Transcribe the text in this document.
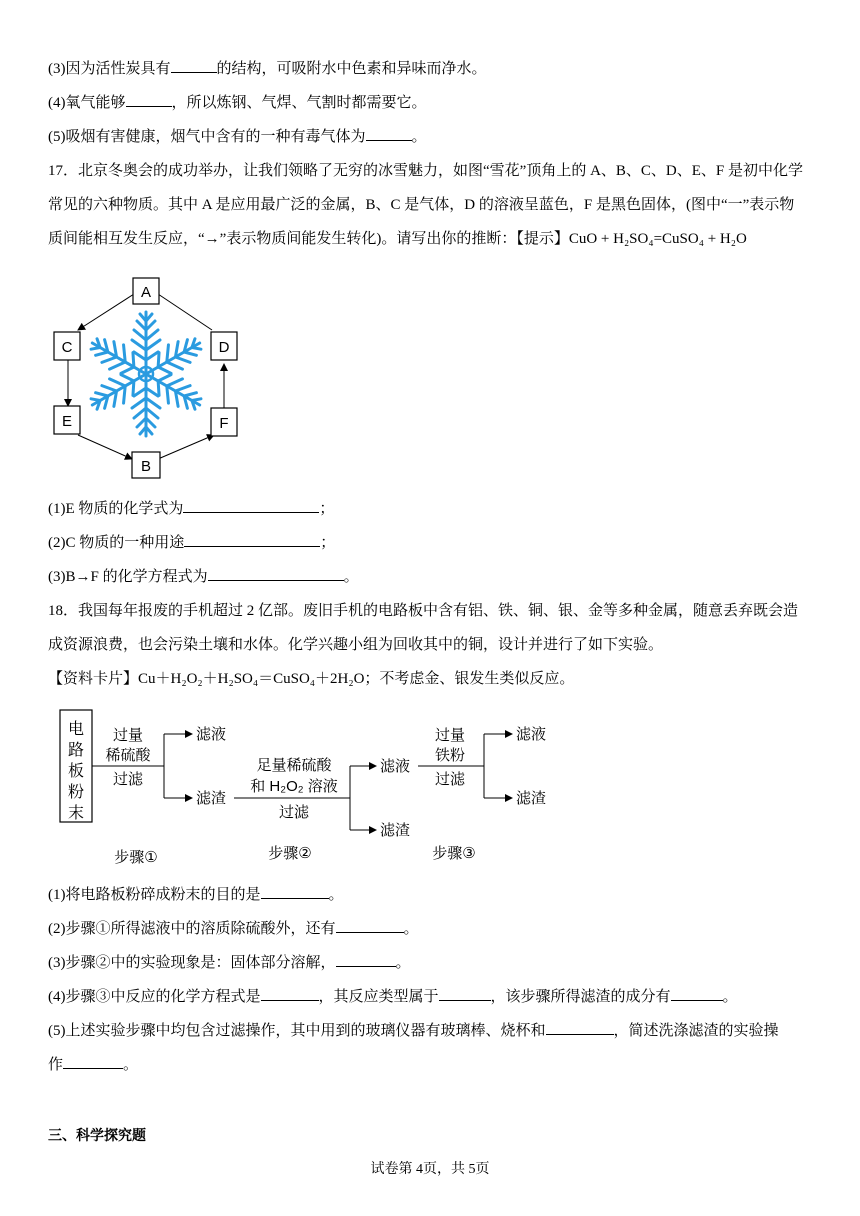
(3)因为活性炭具有	的结构，可吸附水中色素和异味而净水。
(4)氧气能够	，所以炼钢、气焊、气割时都需要它。
(5)吸烟有害健康，烟气中含有的一种有毒气体为	。
17．北京冬奥会的成功举办，让我们领略了无穷的冰雪魅力，如图“雪花”顶角上的 A、B、C、D、E、F 是初中化学
常见的六种物质。其中 A 是应用最广泛的金属，B、C 是气体，D 的溶液呈蓝色，F 是黑色固体，(图中“一”表示物
质间能相互发生反应，“→”表示物质间能发生转化)。请写出你的推断：【提示】CuO + H₂SO₄=CuSO₄ + H₂O
A
C	D
E	F
B
(1)E 物质的化学式为	；
(2)C 物质的一种用途	；
(3)B→F 的化学方程式为	。
18．我国每年报废的手机超过 2 亿部。废旧手机的电路板中含有铝、铁、铜、银、金等多种金属，随意丢弃既会造
成资源浪费，也会污染土壤和水体。化学兴趣小组为回收其中的铜，设计并进行了如下实验。
【资料卡片】Cu＋H₂O₂＋H₂SO₄＝CuSO₄＋2H₂O；不考虑金、银发生类似反应。
电
路
板
粉
末
过量
稀硫酸
过滤
滤液
滤渣
足量稀硫酸
和 H₂O₂ 溶液
过滤
滤液
滤渣
过量
铁粉
过滤
滤液
滤渣
步骤①	步骤②	步骤③
(1)将电路板粉碎成粉末的目的是	。
(2)步骤①所得滤液中的溶质除硫酸外，还有	。
(3)步骤②中的实验现象是：固体部分溶解，	。
(4)步骤③中反应的化学方程式是	，其反应类型属于	，该步骤所得滤渣的成分有	。
(5)上述实验步骤中均包含过滤操作，其中用到的玻璃仪器有玻璃棒、烧杯和	，简述洗涤滤渣的实验操
作	。
三、科学探究题
试卷第 4页，共 5页
